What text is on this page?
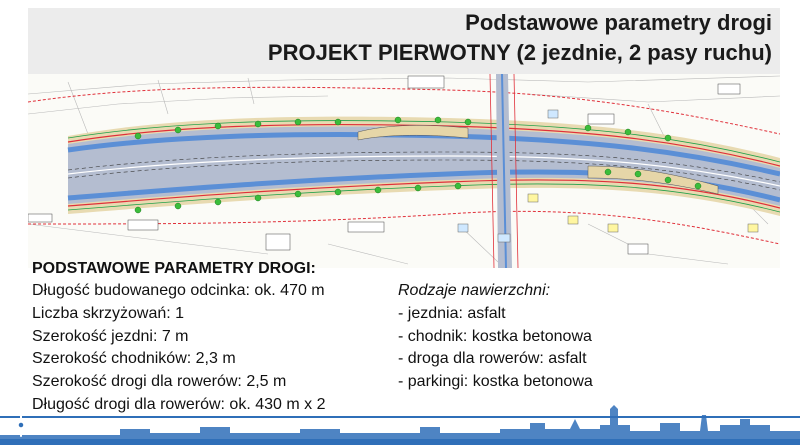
Podstawowe parametry drogi
PROJEKT PIERWOTNY (2 jezdnie, 2 pasy ruchu)
PODSTAWOWE PARAMETRY DROGI:
Długość budowanego odcinka: ok. 470 m
Liczba skrzyżowań: 1
Szerokość jezdni: 7 m
Szerokość chodników: 2,3 m
Szerokość drogi dla rowerów: 2,5 m
Długość drogi dla rowerów: ok. 430 m x 2
Rodzaje nawierzchni:
- jezdnia: asfalt
- chodnik: kostka betonowa
- droga dla rowerów: asfalt
- parkingi: kostka betonowa
KONSULTACJE
SPOŁECZNE
